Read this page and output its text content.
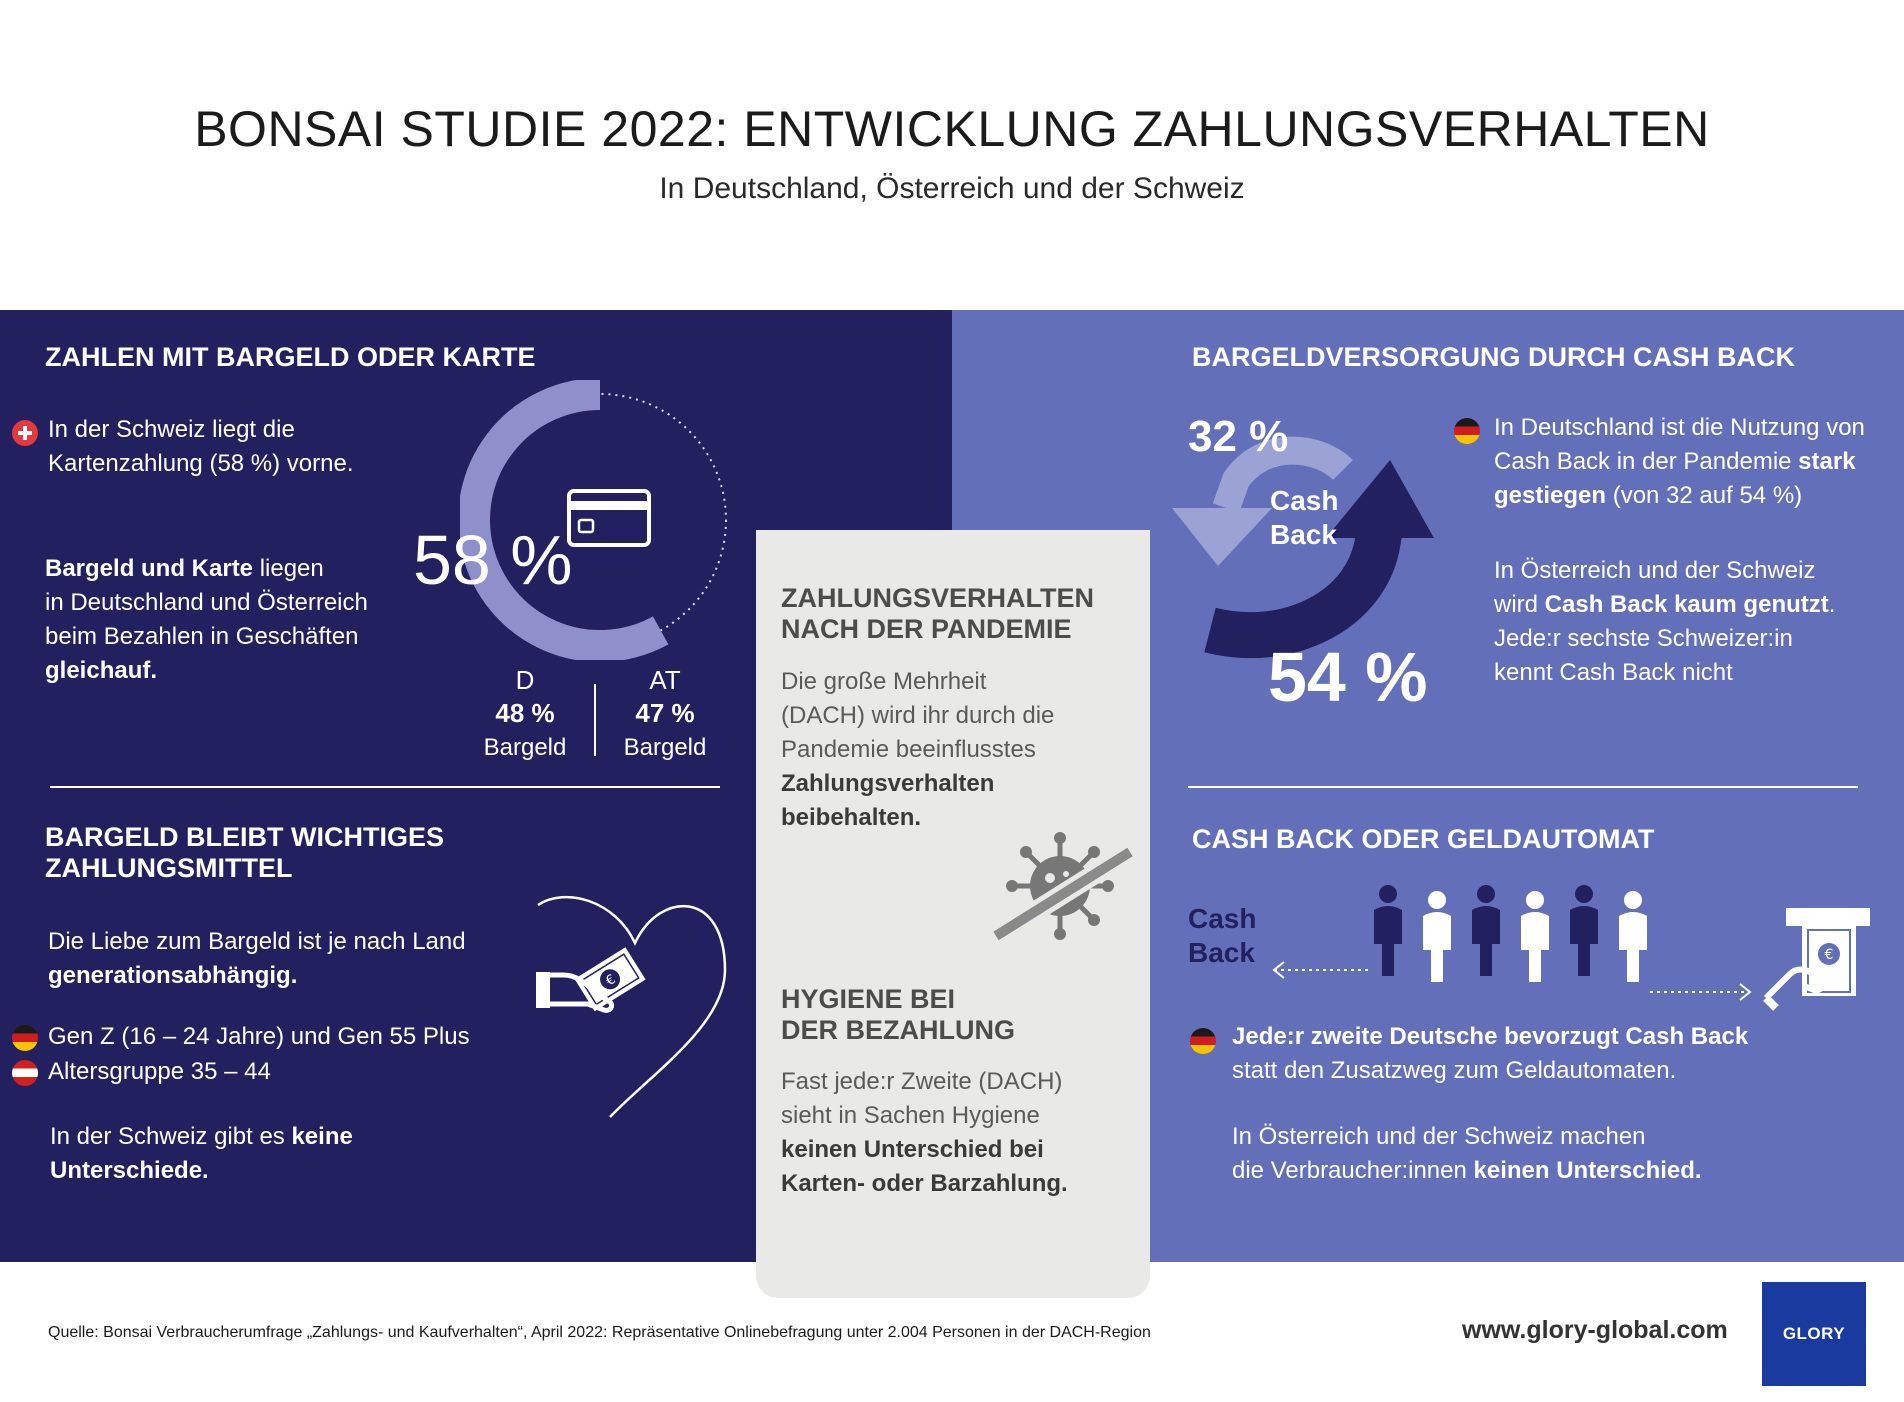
BONSAI STUDIE 2022: ENTWICKLUNG ZAHLUNGSVERHALTEN
In Deutschland, Österreich und der Schweiz
ZAHLEN MIT BARGELD ODER KARTE
In der Schweiz liegt die
Kartenzahlung (58 %) vorne.
Bargeld und Karte liegen
in Deutschland und Österreich
beim Bezahlen in Geschäften
gleichauf.
58 %
D
48 %
Bargeld
AT
47 %
Bargeld
BARGELD BLEIBT WICHTIGES
ZAHLUNGSMITTEL
Die Liebe zum Bargeld ist je nach Land
generationsabhängig.
Gen Z (16 – 24 Jahre) und Gen 55 Plus
Altersgruppe 35 – 44
In der Schweiz gibt es keine
Unterschiede.
€
ZAHLUNGSVERHALTEN
NACH DER PANDEMIE
Die große Mehrheit
(DACH) wird ihr durch die
Pandemie beeinflusstes
Zahlungsverhalten
beibehalten.
HYGIENE BEI
DER BEZAHLUNG
Fast jede:r Zweite (DACH)
sieht in Sachen Hygiene
keinen Unterschied bei
Karten- oder Barzahlung.
BARGELDVERSORGUNG DURCH CASH BACK
32 %
Cash
Back
54 %
In Deutschland ist die Nutzung von
Cash Back in der Pandemie stark
gestiegen (von 32 auf 54 %)
In Österreich und der Schweiz
wird Cash Back kaum genutzt.
Jede:r sechste Schweizer:in
kennt Cash Back nicht
CASH BACK ODER GELDAUTOMAT
Cash
Back	€
Jede:r zweite Deutsche bevorzugt Cash Back
statt den Zusatzweg zum Geldautomaten.
In Österreich und der Schweiz machen
die Verbraucher:innen keinen Unterschied.
Quelle: Bonsai Verbraucherumfrage „Zahlungs- und Kaufverhalten“, April 2022: Repräsentative Onlinebefragung unter 2.004 Personen in der DACH-Region	www.glory-global.com	GLORY
